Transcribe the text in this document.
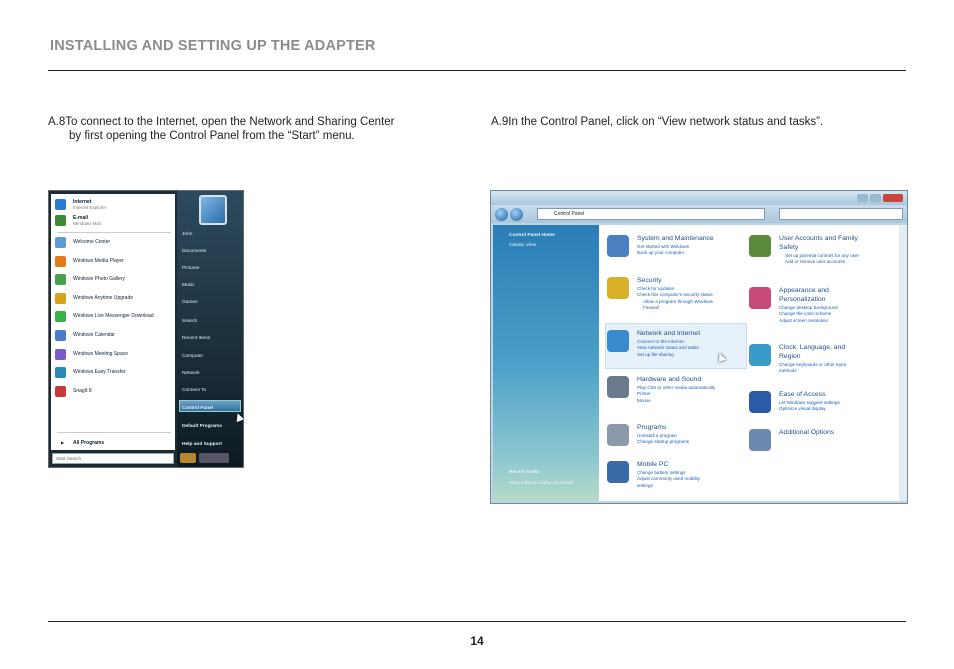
INSTALLING AND SETTING UP THE ADAPTER
A.8To connect to the Internet, open the Network and Sharing Center
by first opening the Control Panel from the “Start” menu.
A.9In the Control Panel, click on “View network status and tasks”.
Internet
Internet Explorer
E-mail
Windows Mail
Welcome Center
Windows Media Player
Windows Photo Gallery
Windows Anytime Upgrade
Windows Live Messenger Download
Windows Calendar
Windows Meeting Space
Windows Easy Transfer
SnagIt 8
▶ All Programs
John
Documents
Pictures
Music
Games
Search
Recent Items
Computer
Network
Connect To
Control Panel
Default Programs
Help and Support
Start Search
Control Panel
Control Panel Home
Classic View
Recent Tasks
View network status and tasks
System and Maintenance
Get started with Windows
Back up your computer
Security
Check for updates
Check this computer's security status
Allow a program through Windows
Firewall
Network and Internet
Connect to the Internet
View network status and tasks
Set up file sharing
Hardware and Sound
Play CDs or other media automatically
Printer
Mouse
Programs
Uninstall a program
Change startup programs
Mobile PC
Change battery settings
Adjust commonly used mobility
settings
User Accounts and Family
Safety
Set up parental controls for any user
Add or remove user accounts
Appearance and
Personalization
Change desktop background
Change the color scheme
Adjust screen resolution
Clock, Language, and
Region
Change keyboards or other input
methods
Ease of Access
Let Windows suggest settings
Optimize visual display
Additional Options
14
